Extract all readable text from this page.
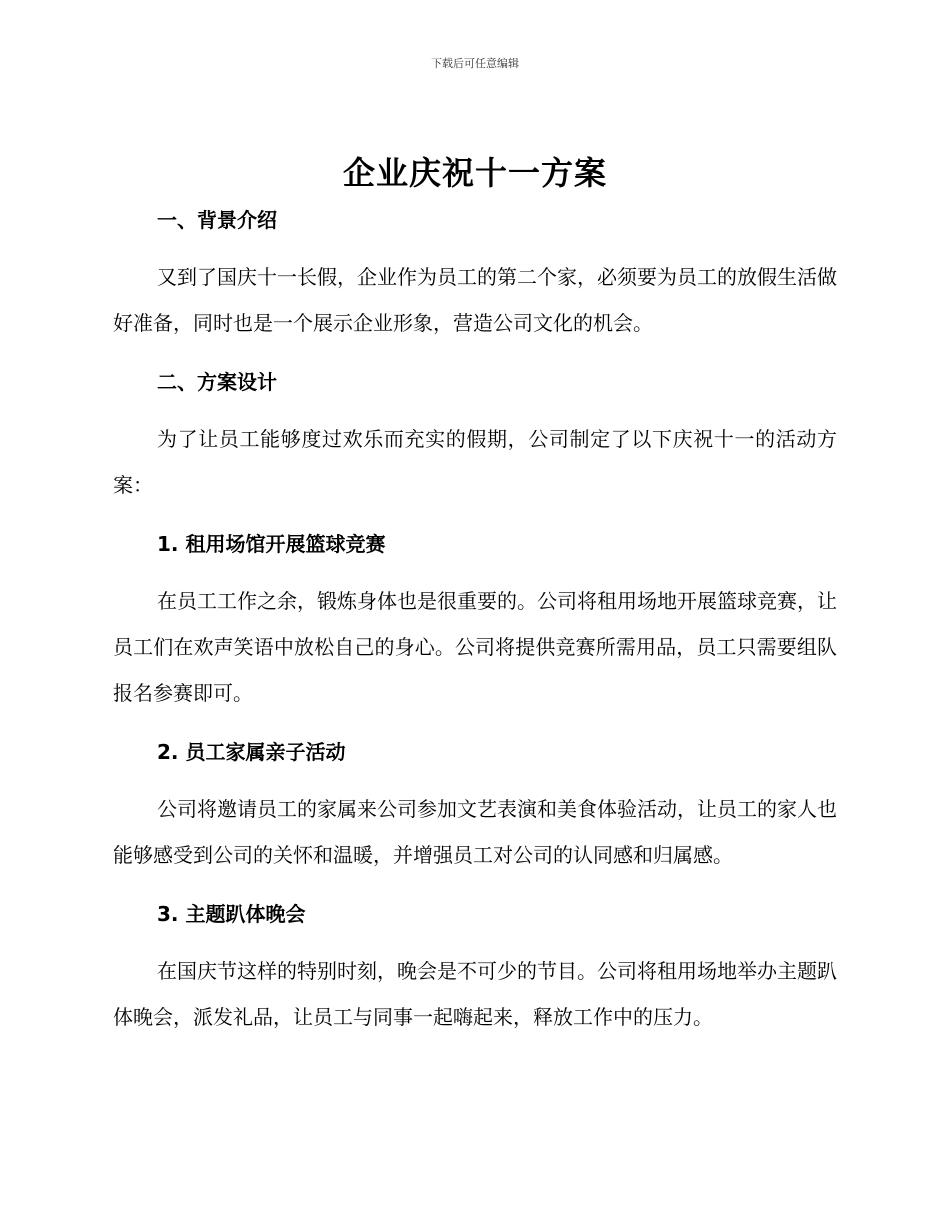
下载后可任意编辑
企业庆祝十一方案
一、背景介绍

又到了国庆十一长假，企业作为员工的第二个家，必须要为员工的放假生活做好准备，同时也是一个展示企业形象，营造公司文化的机会。

二、方案设计

为了让员工能够度过欢乐而充实的假期，公司制定了以下庆祝十一的活动方案：

1. 租用场馆开展篮球竞赛

在员工工作之余，锻炼身体也是很重要的。公司将租用场地开展篮球竞赛，让员工们在欢声笑语中放松自己的身心。公司将提供竞赛所需用品，员工只需要组队报名参赛即可。

2. 员工家属亲子活动

公司将邀请员工的家属来公司参加文艺表演和美食体验活动，让员工的家人也能够感受到公司的关怀和温暖，并增强员工对公司的认同感和归属感。

3. 主题趴体晚会

在国庆节这样的特别时刻，晚会是不可少的节目。公司将租用场地举办主题趴体晚会，派发礼品，让员工与同事一起嗨起来，释放工作中的压力。
